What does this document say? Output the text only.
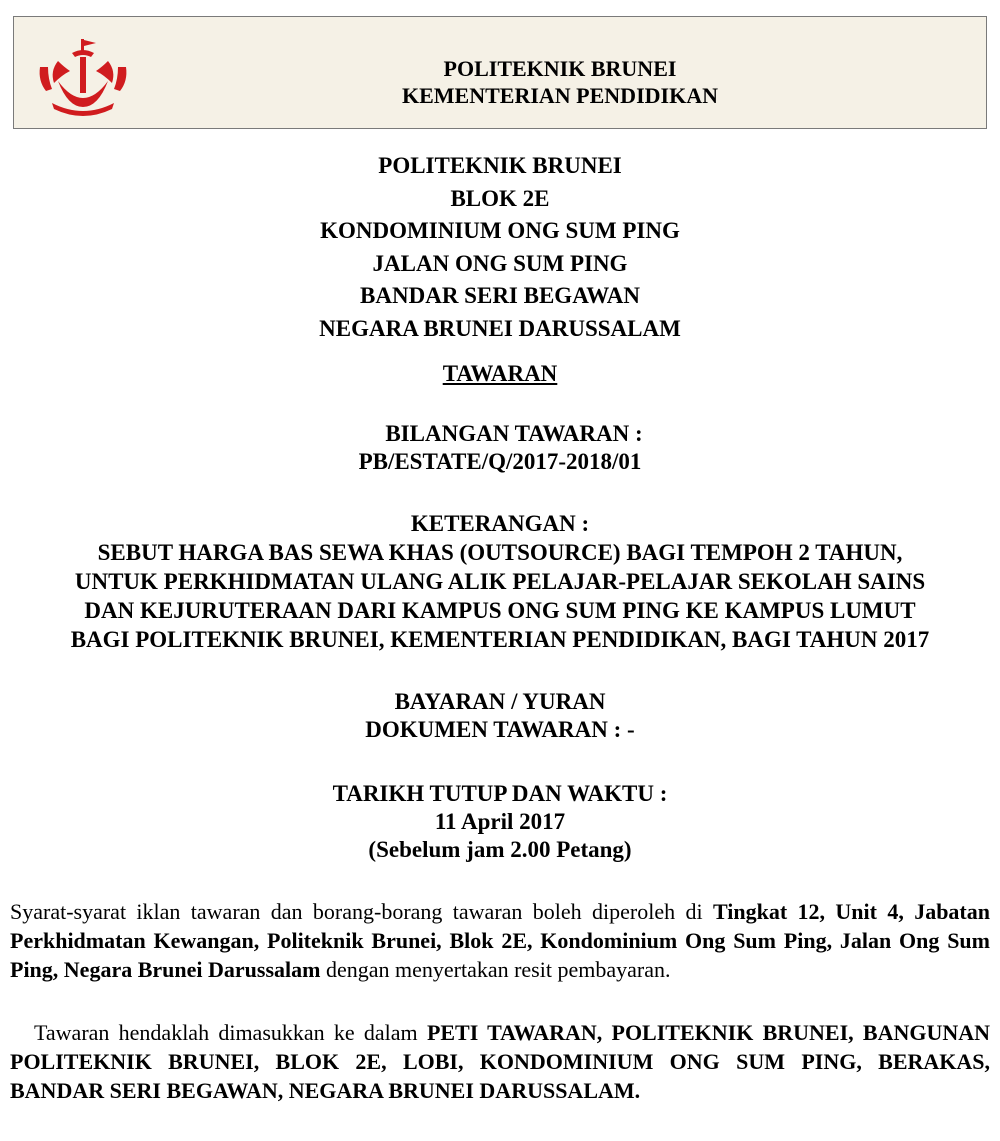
POLITEKNIK BRUNEI
KEMENTERIAN PENDIDIKAN
POLITEKNIK BRUNEI
BLOK 2E
KONDOMINIUM ONG SUM PING
JALAN ONG SUM PING
BANDAR SERI BEGAWAN
NEGARA BRUNEI DARUSSALAM
TAWARAN
BILANGAN TAWARAN :
PB/ESTATE/Q/2017-2018/01
KETERANGAN :
SEBUT HARGA BAS SEWA KHAS (OUTSOURCE) BAGI TEMPOH 2 TAHUN,
UNTUK PERKHIDMATAN ULANG ALIK PELAJAR-PELAJAR SEKOLAH SAINS
DAN KEJURUTERAAN DARI KAMPUS ONG SUM PING KE KAMPUS LUMUT
BAGI POLITEKNIK BRUNEI, KEMENTERIAN PENDIDIKAN, BAGI TAHUN 2017
BAYARAN / YURAN
DOKUMEN TAWARAN : -
TARIKH TUTUP DAN WAKTU :
11 April 2017
(Sebelum jam 2.00 Petang)
Syarat-syarat iklan tawaran dan borang-borang tawaran boleh diperoleh di Tingkat 12, Unit 4, Jabatan Perkhidmatan Kewangan, Politeknik Brunei, Blok 2E, Kondominium Ong Sum Ping, Jalan Ong Sum Ping, Negara Brunei Darussalam dengan menyertakan resit pembayaran.
Tawaran hendaklah dimasukkan ke dalam PETI TAWARAN, POLITEKNIK BRUNEI, BANGUNAN POLITEKNIK BRUNEI, BLOK 2E, LOBI, KONDOMINIUM ONG SUM PING, BERAKAS, BANDAR SERI BEGAWAN, NEGARA BRUNEI DARUSSALAM.
